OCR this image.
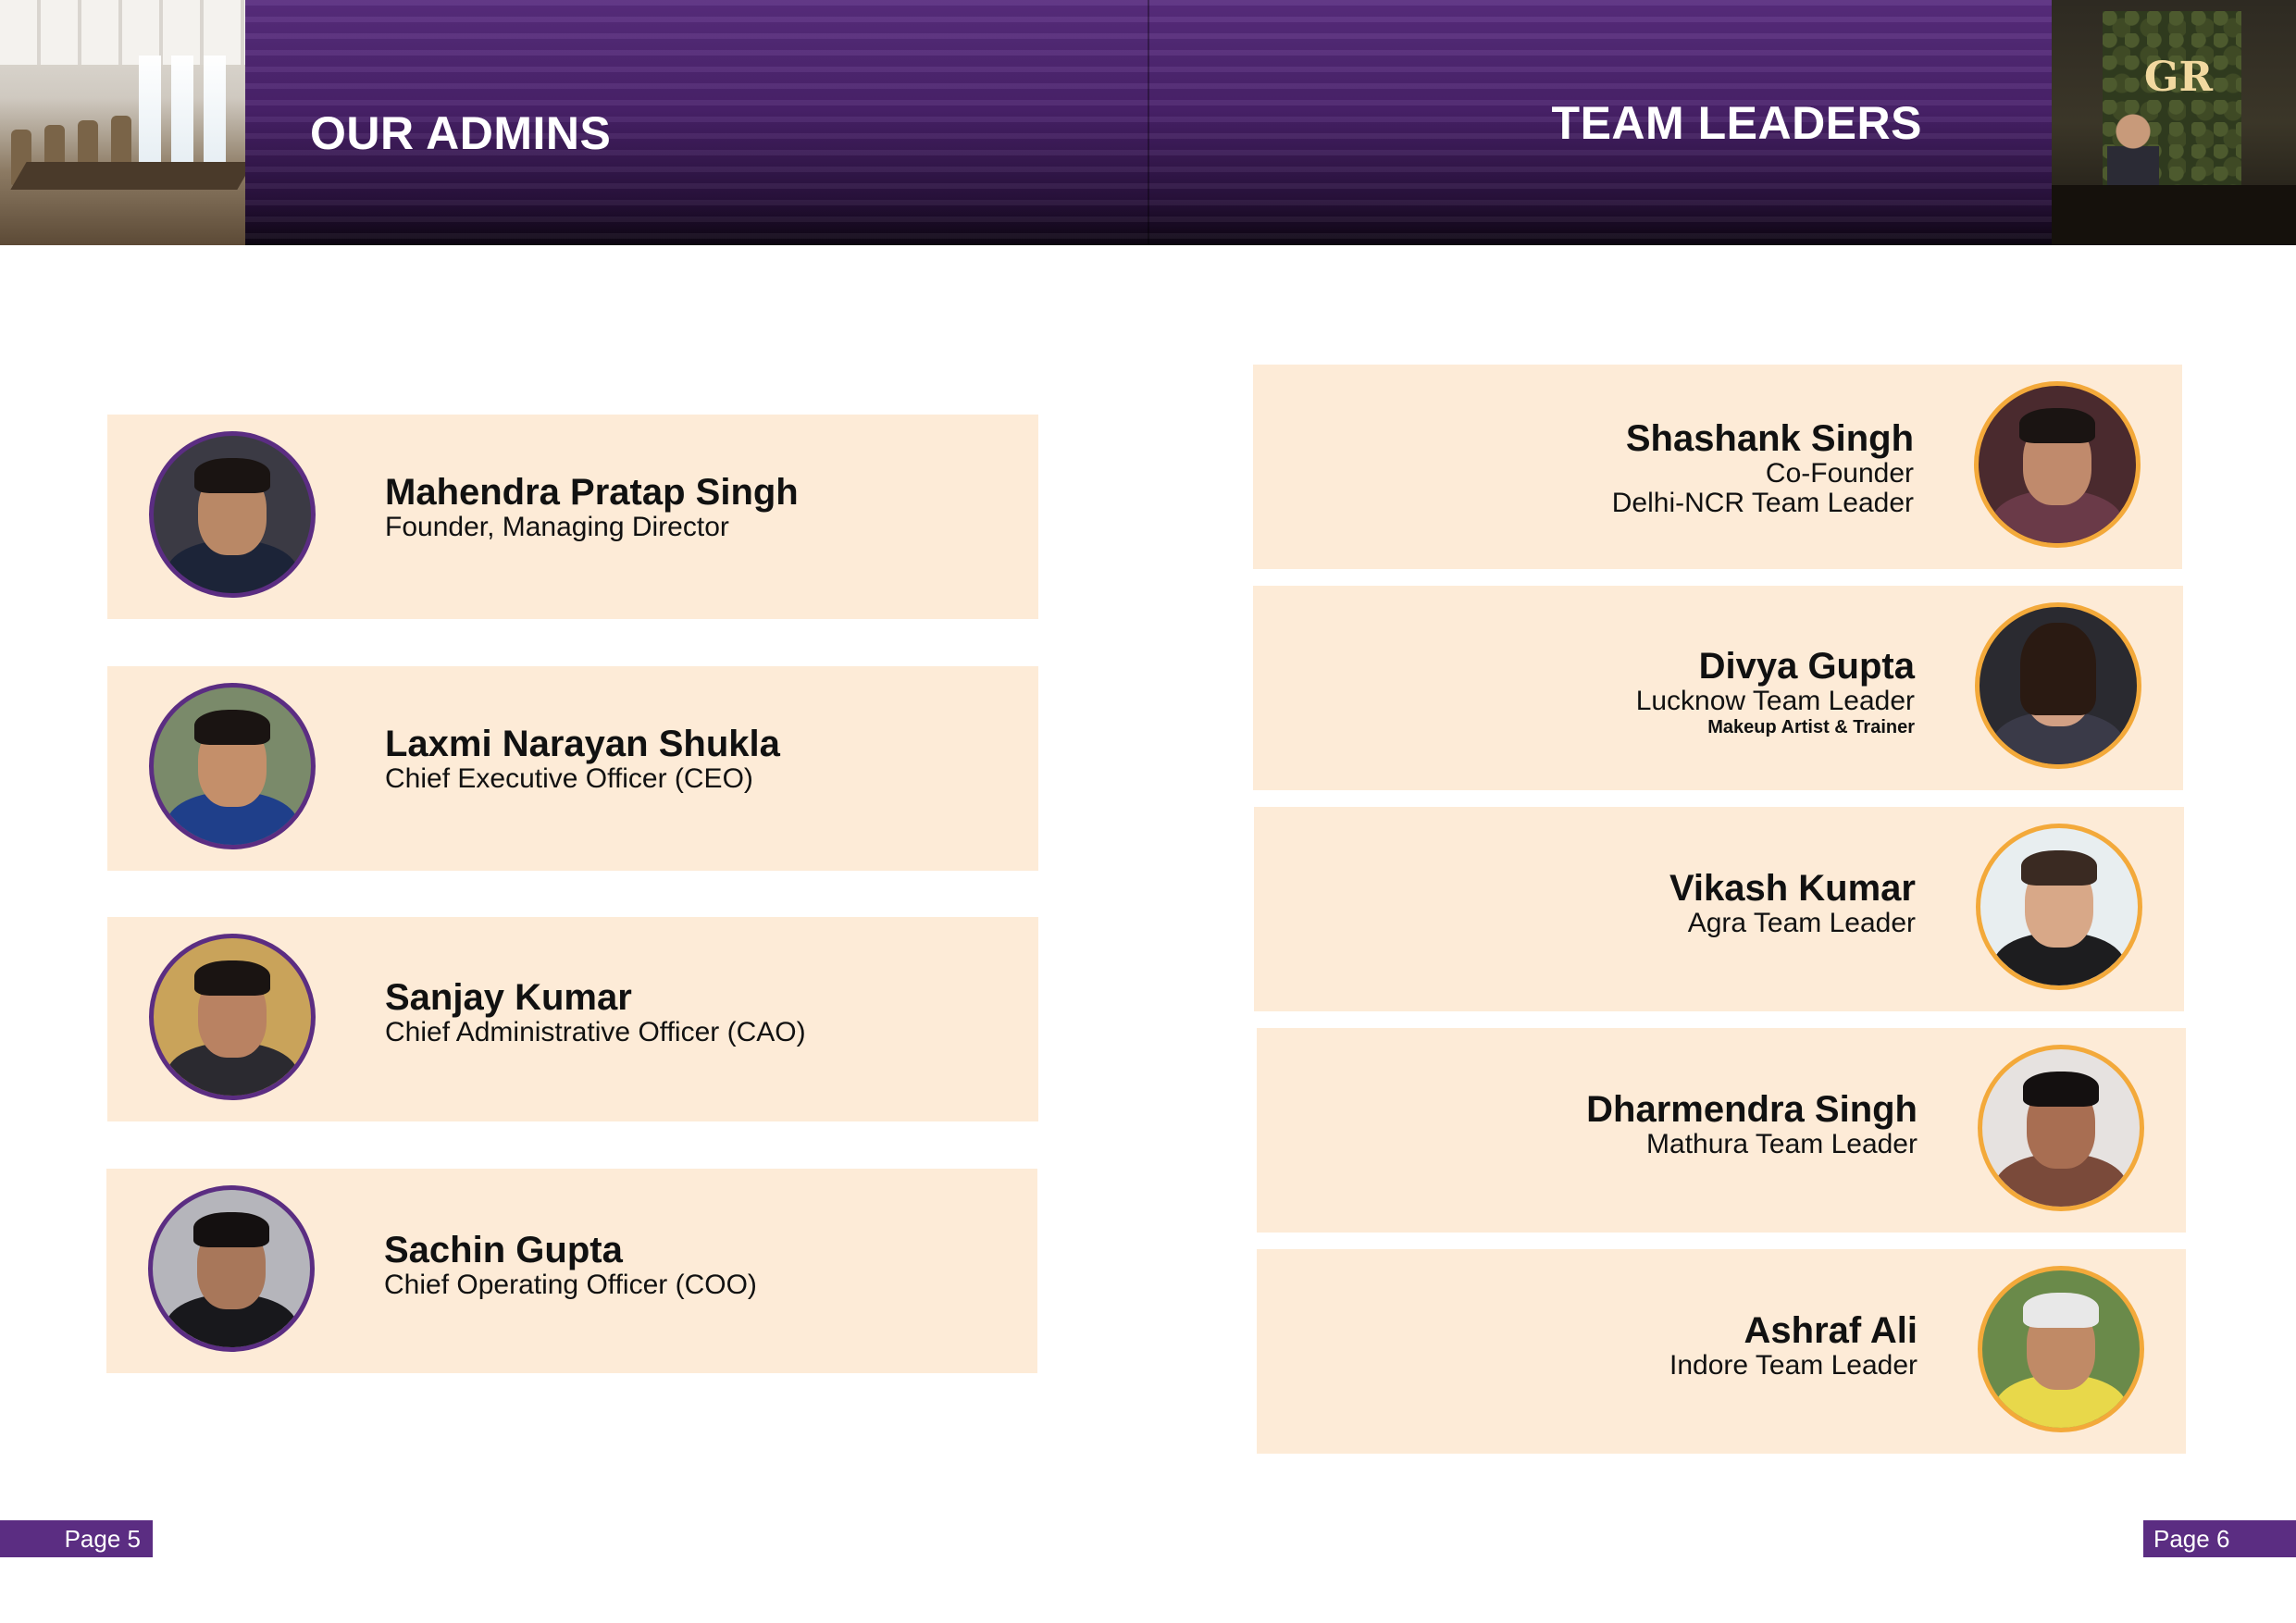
OUR ADMINS	TEAM LEADERS
GR
Mahendra Pratap Singh
Founder, Managing Director
Laxmi Narayan Shukla
Chief Executive Officer (CEO)
Sanjay Kumar
Chief Administrative Officer (CAO)
Sachin Gupta
Chief Operating Officer (COO)
Shashank Singh
Co-Founder
Delhi-NCR Team Leader
Divya Gupta
Lucknow Team Leader
Makeup Artist & Trainer
Vikash Kumar
Agra Team Leader
Dharmendra Singh
Mathura Team Leader
Ashraf Ali
Indore Team Leader
Page 5	Page 6
